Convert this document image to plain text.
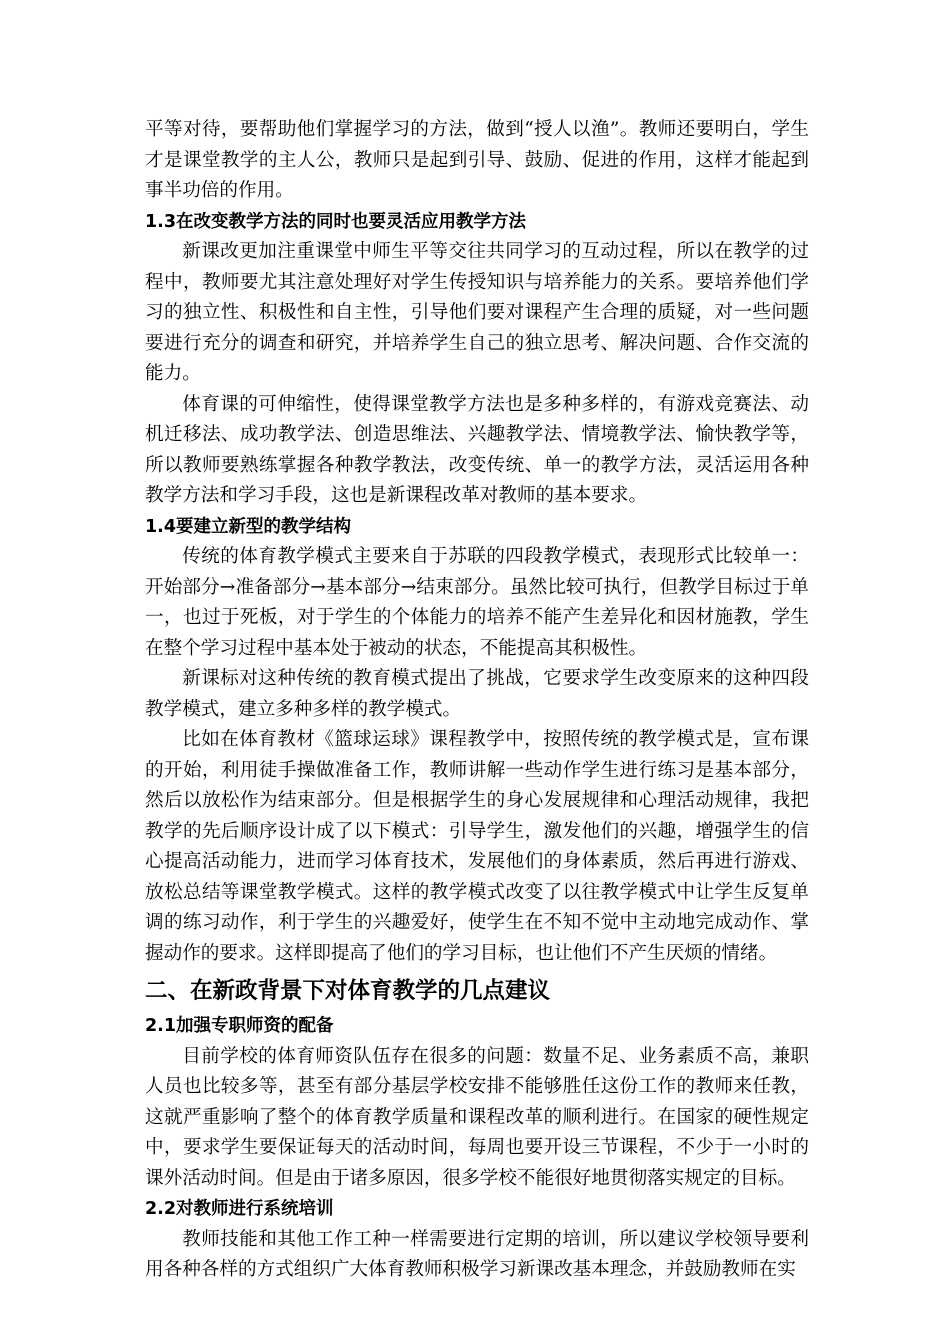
平等对待，要帮助他们掌握学习的方法，做到“授人以渔”。教师还要明白，学生才是课堂教学的主人公，教师只是起到引导、鼓励、促进的作用，这样才能起到事半功倍的作用。

1.3在改变教学方法的同时也要灵活应用教学方法

新课改更加注重课堂中师生平等交往共同学习的互动过程，所以在教学的过程中，教师要尤其注意处理好对学生传授知识与培养能力的关系。要培养他们学习的独立性、积极性和自主性，引导他们要对课程产生合理的质疑，对一些问题要进行充分的调查和研究，并培养学生自己的独立思考、解决问题、合作交流的能力。

体育课的可伸缩性，使得课堂教学方法也是多种多样的，有游戏竞赛法、动机迁移法、成功教学法、创造思维法、兴趣教学法、情境教学法、愉快教学等，所以教师要熟练掌握各种教学教法，改变传统、单一的教学方法，灵活运用各种教学方法和学习手段，这也是新课程改革对教师的基本要求。

1.4要建立新型的教学结构

传统的体育教学模式主要来自于苏联的四段教学模式，表现形式比较单一：开始部分→准备部分→基本部分→结束部分。虽然比较可执行，但教学目标过于单一，也过于死板，对于学生的个体能力的培养不能产生差异化和因材施教，学生在整个学习过程中基本处于被动的状态，不能提高其积极性。

新课标对这种传统的教育模式提出了挑战，它要求学生改变原来的这种四段教学模式，建立多种多样的教学模式。

比如在体育教材《篮球运球》课程教学中，按照传统的教学模式是，宣布课的开始，利用徒手操做准备工作，教师讲解一些动作学生进行练习是基本部分，然后以放松作为结束部分。但是根据学生的身心发展规律和心理活动规律，我把教学的先后顺序设计成了以下模式：引导学生，激发他们的兴趣，增强学生的信心提高活动能力，进而学习体育技术，发展他们的身体素质，然后再进行游戏、放松总结等课堂教学模式。这样的教学模式改变了以往教学模式中让学生反复单调的练习动作，利于学生的兴趣爱好，使学生在不知不觉中主动地完成动作、掌握动作的要求。这样即提高了他们的学习目标，也让他们不产生厌烦的情绪。

二、在新政背景下对体育教学的几点建议

2.1加强专职师资的配备

目前学校的体育师资队伍存在很多的问题：数量不足、业务素质不高，兼职人员也比较多等，甚至有部分基层学校安排不能够胜任这份工作的教师来任教，这就严重影响了整个的体育教学质量和课程改革的顺利进行。在国家的硬性规定中，要求学生要保证每天的活动时间，每周也要开设三节课程，不少于一小时的课外活动时间。但是由于诸多原因，很多学校不能很好地贯彻落实规定的目标。

2.2对教师进行系统培训

教师技能和其他工作工种一样需要进行定期的培训，所以建议学校领导要利用各种各样的方式组织广大体育教师积极学习新课改基本理念，并鼓励教师在实
